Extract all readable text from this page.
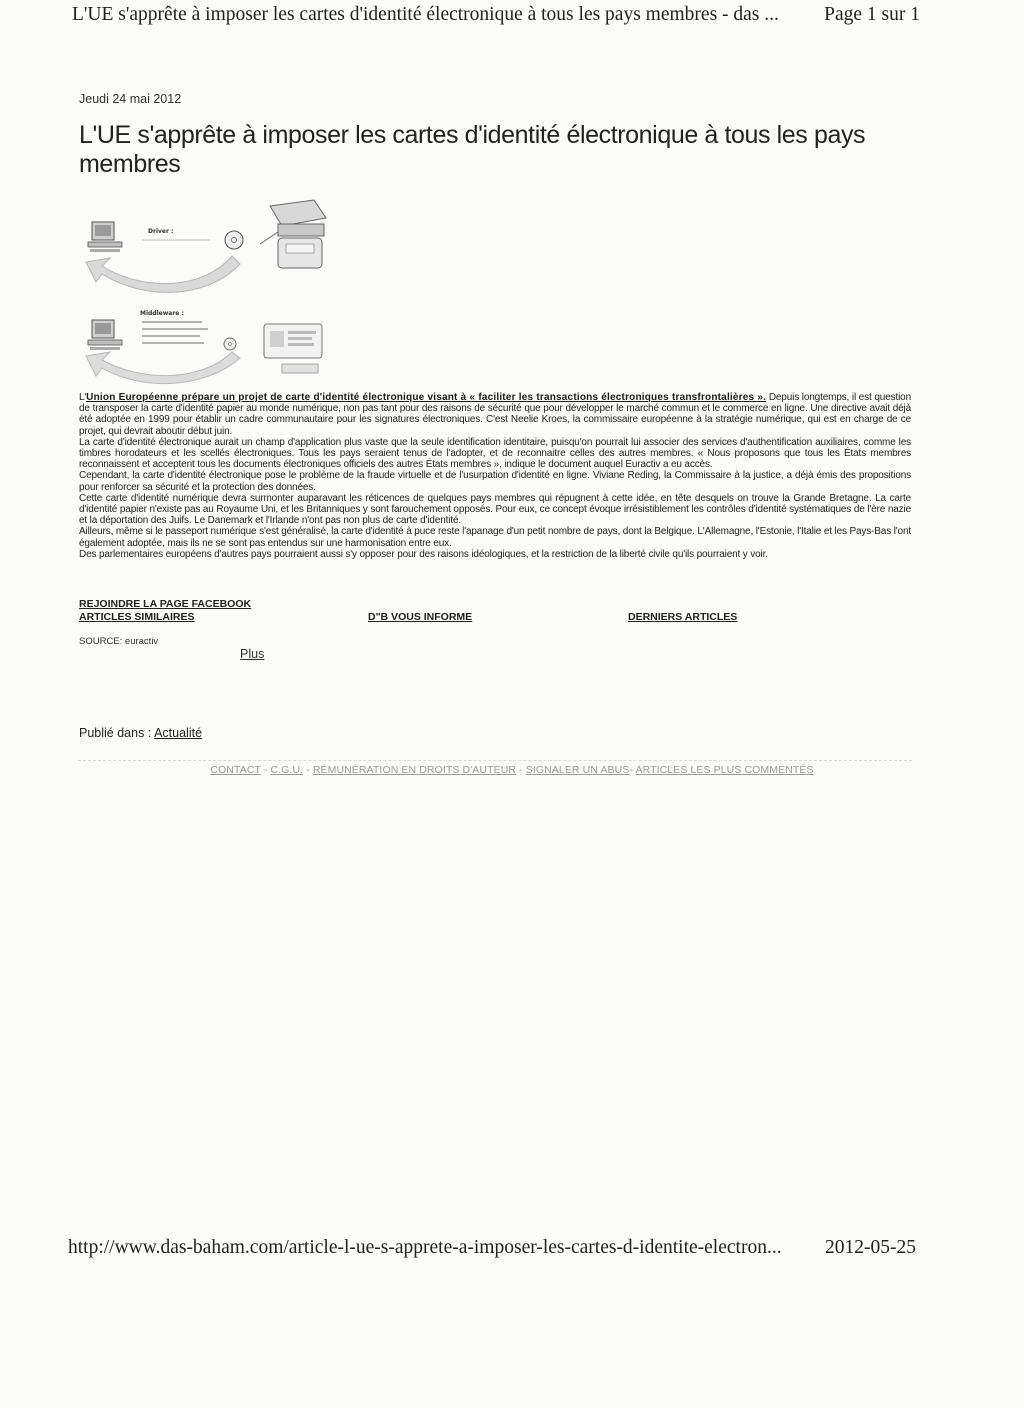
L'UE s'apprête à imposer les cartes d'identité électronique à tous les pays membres - das ... Page 1 sur 1
Jeudi 24 mai 2012
L'UE s'apprête à imposer les cartes d'identité électronique à tous les pays membres
Driver :
Middleware :

L'Union Européenne prépare un projet de carte d'identité électronique visant à « faciliter les transactions électroniques transfrontalières ». Depuis longtemps, il est question de transposer la carte d'identité papier au monde numérique, non pas tant pour des raisons de sécurité que pour développer le marché commun et le commerce en ligne. Une directive avait déjà été adoptée en 1999 pour établir un cadre communautaire pour les signatures électroniques. C'est Neelie Kroes, la commissaire européenne à la stratégie numérique, qui est en charge de ce projet, qui devrait aboutir début juin.

La carte d'identité électronique aurait un champ d'application plus vaste que la seule identification identitaire, puisqu'on pourrait lui associer des services d'authentification auxiliaires, comme les timbres horodateurs et les scellés électroniques. Tous les pays seraient tenus de l'adopter, et de reconnaitre celles des autres membres. « Nous proposons que tous les États membres reconnaissent et acceptent tous les documents électroniques officiels des autres États membres », indique le document auquel Euractiv a eu accès.

Cependant, la carte d'identité électronique pose le problème de la fraude virtuelle et de l'usurpation d'identité en ligne. Viviane Reding, la Commissaire à la justice, a déjà émis des propositions pour renforcer sa sécurité et la protection des données.

Cette carte d'identité numérique devra surmonter auparavant les réticences de quelques pays membres qui répugnent à cette idée, en tête desquels on trouve la Grande Bretagne. La carte d'identité papier n'existe pas au Royaume Uni, et les Britanniques y sont farouchement opposés. Pour eux, ce concept évoque irrésistiblement les contrôles d'identité systématiques de l'ère nazie et la déportation des Juifs. Le Danemark et l'Irlande n'ont pas non plus de carte d'identité.

Ailleurs, même si le passeport numérique s'est généralisé, la carte d'identité à puce reste l'apanage d'un petit nombre de pays, dont la Belgique. L'Allemagne, l'Estonie, l'Italie et les Pays-Bas l'ont également adoptée, mais ils ne se sont pas entendus sur une harmonisation entre eux.

Des parlementaires européens d'autres pays pourraient aussi s'y opposer pour des raisons idéologiques, et la restriction de la liberté civile qu'ils pourraient y voir.

REJOINDRE LA PAGE FACEBOOK
ARTICLES SIMILAIRES	D"B VOUS INFORME	DERNIERS ARTICLES
SOURCE: euractiv
Plus
Publié dans : Actualité
CONTACT - C.G.U. - RÉMUNÉRATION EN DROITS D'AUTEUR - SIGNALER UN ABUS- ARTICLES LES PLUS COMMENTÉS
http://www.das-baham.com/article-l-ue-s-apprete-a-imposer-les-cartes-d-identite-electron... 2012-05-25
